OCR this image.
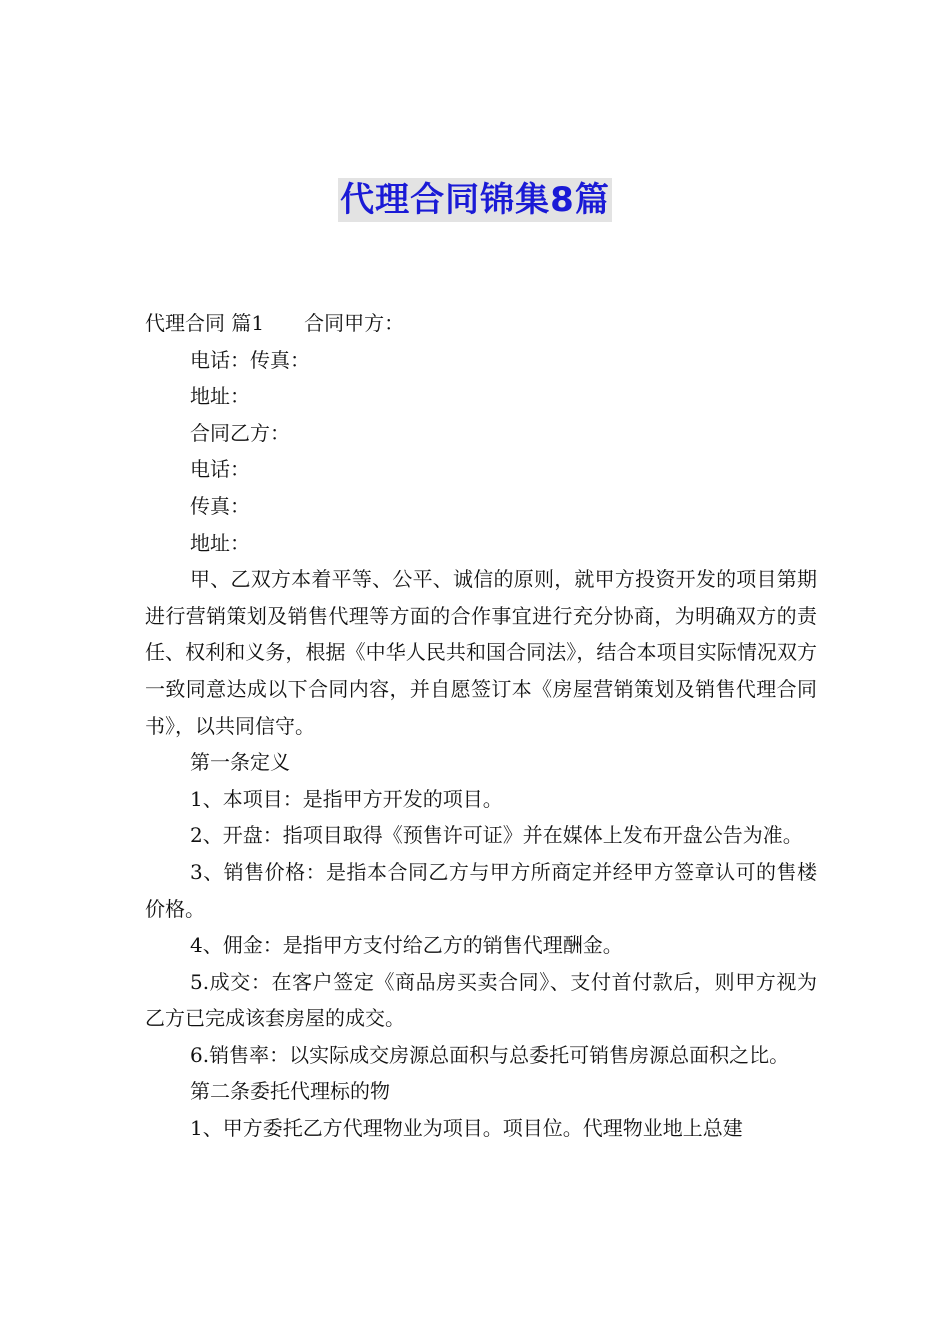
代理合同锦集8篇

代理合同 篇1 合同甲方：

电话：传真：

地址：

合同乙方：

电话：

传真：

地址：

甲、乙双方本着平等、公平、诚信的原则，就甲方投资开发的项目第期进行营销策划及销售代理等方面的合作事宜进行充分协商，为明确双方的责任、权利和义务，根据《中华人民共和国合同法》，结合本项目实际情况双方一致同意达成以下合同内容，并自愿签订本《房屋营销策划及销售代理合同书》，以共同信守。

第一条定义

1、本项目：是指甲方开发的项目。

2、开盘：指项目取得《预售许可证》并在媒体上发布开盘公告为准。

3、销售价格：是指本合同乙方与甲方所商定并经甲方签章认可的售楼价格。

4、佣金：是指甲方支付给乙方的销售代理酬金。

5.成交：在客户签定《商品房买卖合同》、支付首付款后，则甲方视为乙方已完成该套房屋的成交。

6.销售率：以实际成交房源总面积与总委托可销售房源总面积之比。

第二条委托代理标的物

1、甲方委托乙方代理物业为项目。项目位。代理物业地上总建
